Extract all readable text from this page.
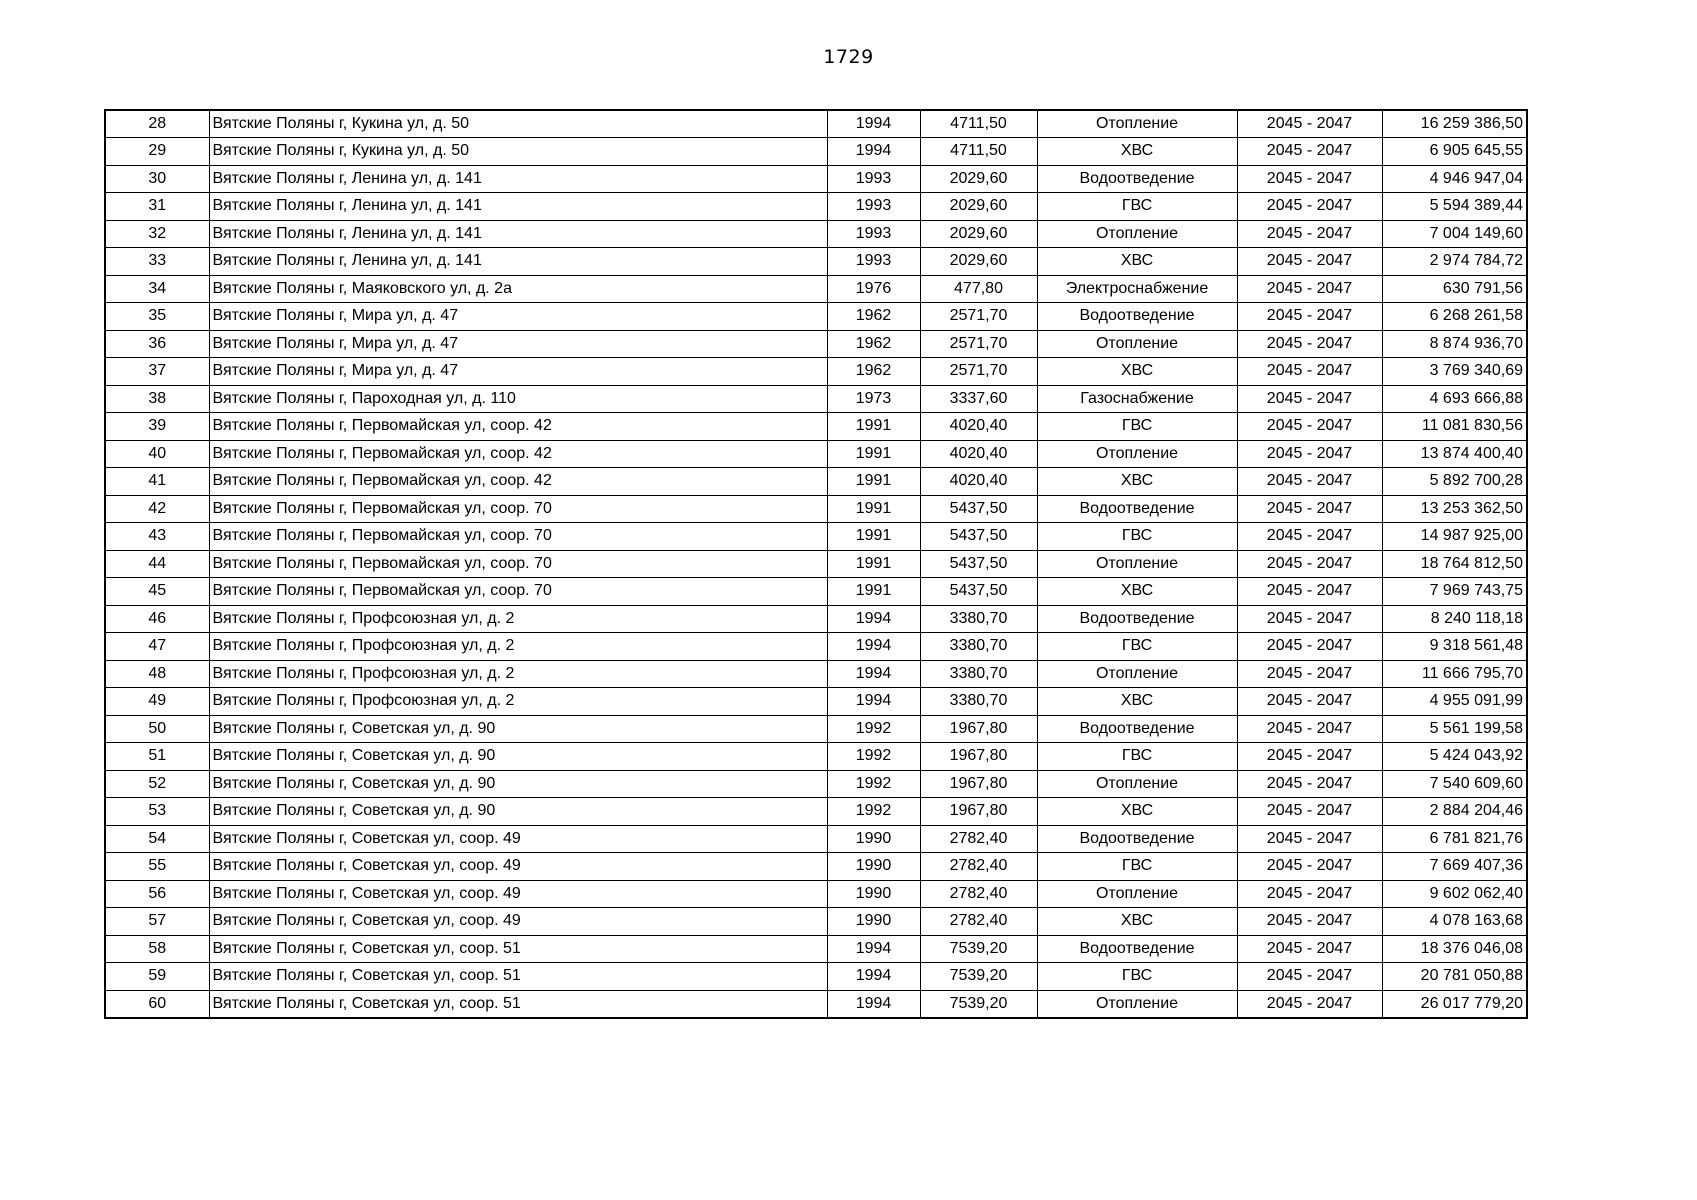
1729
28	Вятские Поляны г, Кукина ул, д. 50	1994	4711,50	Отопление	2045 - 2047	16 259 386,50
29	Вятские Поляны г, Кукина ул, д. 50	1994	4711,50	ХВС	2045 - 2047	6 905 645,55
30	Вятские Поляны г, Ленина ул, д. 141	1993	2029,60	Водоотведение	2045 - 2047	4 946 947,04
31	Вятские Поляны г, Ленина ул, д. 141	1993	2029,60	ГВС	2045 - 2047	5 594 389,44
32	Вятские Поляны г, Ленина ул, д. 141	1993	2029,60	Отопление	2045 - 2047	7 004 149,60
33	Вятские Поляны г, Ленина ул, д. 141	1993	2029,60	ХВС	2045 - 2047	2 974 784,72
34	Вятские Поляны г, Маяковского ул, д. 2а	1976	477,80	Электроснабжение	2045 - 2047	630 791,56
35	Вятские Поляны г, Мира ул, д. 47	1962	2571,70	Водоотведение	2045 - 2047	6 268 261,58
36	Вятские Поляны г, Мира ул, д. 47	1962	2571,70	Отопление	2045 - 2047	8 874 936,70
37	Вятские Поляны г, Мира ул, д. 47	1962	2571,70	ХВС	2045 - 2047	3 769 340,69
38	Вятские Поляны г, Пароходная ул, д. 110	1973	3337,60	Газоснабжение	2045 - 2047	4 693 666,88
39	Вятские Поляны г, Первомайская ул, соор. 42	1991	4020,40	ГВС	2045 - 2047	11 081 830,56
40	Вятские Поляны г, Первомайская ул, соор. 42	1991	4020,40	Отопление	2045 - 2047	13 874 400,40
41	Вятские Поляны г, Первомайская ул, соор. 42	1991	4020,40	ХВС	2045 - 2047	5 892 700,28
42	Вятские Поляны г, Первомайская ул, соор. 70	1991	5437,50	Водоотведение	2045 - 2047	13 253 362,50
43	Вятские Поляны г, Первомайская ул, соор. 70	1991	5437,50	ГВС	2045 - 2047	14 987 925,00
44	Вятские Поляны г, Первомайская ул, соор. 70	1991	5437,50	Отопление	2045 - 2047	18 764 812,50
45	Вятские Поляны г, Первомайская ул, соор. 70	1991	5437,50	ХВС	2045 - 2047	7 969 743,75
46	Вятские Поляны г, Профсоюзная ул, д. 2	1994	3380,70	Водоотведение	2045 - 2047	8 240 118,18
47	Вятские Поляны г, Профсоюзная ул, д. 2	1994	3380,70	ГВС	2045 - 2047	9 318 561,48
48	Вятские Поляны г, Профсоюзная ул, д. 2	1994	3380,70	Отопление	2045 - 2047	11 666 795,70
49	Вятские Поляны г, Профсоюзная ул, д. 2	1994	3380,70	ХВС	2045 - 2047	4 955 091,99
50	Вятские Поляны г, Советская ул, д. 90	1992	1967,80	Водоотведение	2045 - 2047	5 561 199,58
51	Вятские Поляны г, Советская ул, д. 90	1992	1967,80	ГВС	2045 - 2047	5 424 043,92
52	Вятские Поляны г, Советская ул, д. 90	1992	1967,80	Отопление	2045 - 2047	7 540 609,60
53	Вятские Поляны г, Советская ул, д. 90	1992	1967,80	ХВС	2045 - 2047	2 884 204,46
54	Вятские Поляны г, Советская ул, соор. 49	1990	2782,40	Водоотведение	2045 - 2047	6 781 821,76
55	Вятские Поляны г, Советская ул, соор. 49	1990	2782,40	ГВС	2045 - 2047	7 669 407,36
56	Вятские Поляны г, Советская ул, соор. 49	1990	2782,40	Отопление	2045 - 2047	9 602 062,40
57	Вятские Поляны г, Советская ул, соор. 49	1990	2782,40	ХВС	2045 - 2047	4 078 163,68
58	Вятские Поляны г, Советская ул, соор. 51	1994	7539,20	Водоотведение	2045 - 2047	18 376 046,08
59	Вятские Поляны г, Советская ул, соор. 51	1994	7539,20	ГВС	2045 - 2047	20 781 050,88
60	Вятские Поляны г, Советская ул, соор. 51	1994	7539,20	Отопление	2045 - 2047	26 017 779,20
